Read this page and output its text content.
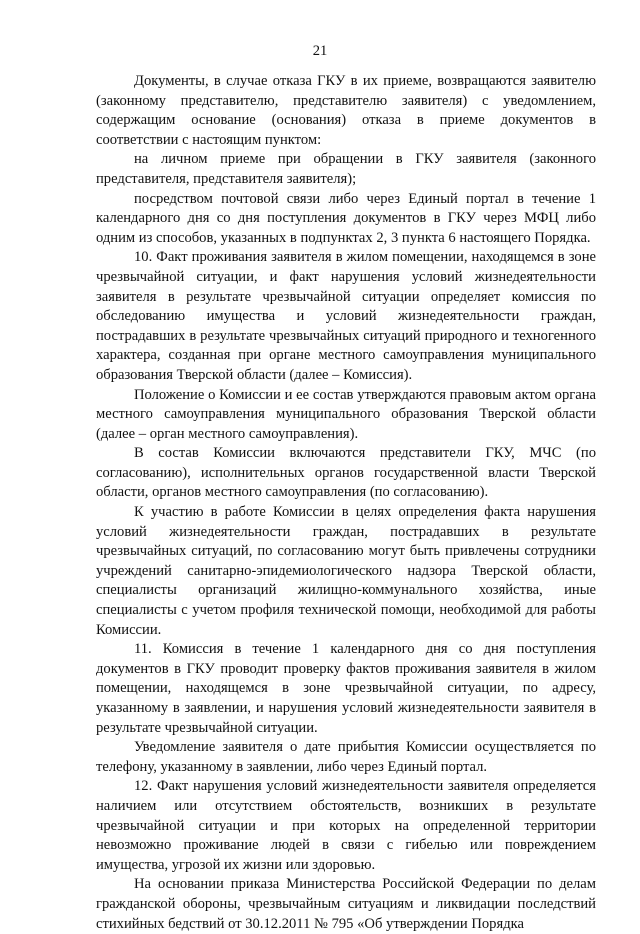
21

Документы, в случае отказа ГКУ в их приеме, возвращаются заявителю (законному представителю, представителю заявителя) с уведомлением, содержащим основание (основания) отказа в приеме документов в соответствии с настоящим пунктом:

на личном приеме при обращении в ГКУ заявителя (законного представителя, представителя заявителя);

посредством почтовой связи либо через Единый портал в течение 1 календарного дня со дня поступления документов в ГКУ через МФЦ либо одним из способов, указанных в подпунктах 2, 3 пункта 6 настоящего Порядка.

10. Факт проживания заявителя в жилом помещении, находящемся в зоне чрезвычайной ситуации, и факт нарушения условий жизнедеятельности заявителя в результате чрезвычайной ситуации определяет комиссия по обследованию имущества и условий жизнедеятельности граждан, пострадавших в результате чрезвычайных ситуаций природного и техногенного характера, созданная при органе местного самоуправления муниципального образования Тверской области (далее – Комиссия).

Положение о Комиссии и ее состав утверждаются правовым актом органа местного самоуправления муниципального образования Тверской области (далее – орган местного самоуправления).

В состав Комиссии включаются представители ГКУ, МЧС (по согласованию), исполнительных органов государственной власти Тверской области, органов местного самоуправления (по согласованию).

К участию в работе Комиссии в целях определения факта нарушения условий жизнедеятельности граждан, пострадавших в результате чрезвычайных ситуаций, по согласованию могут быть привлечены сотрудники учреждений санитарно-эпидемиологического надзора Тверской области, специалисты организаций жилищно-коммунального хозяйства, иные специалисты с учетом профиля технической помощи, необходимой для работы Комиссии.

11. Комиссия в течение 1 календарного дня со дня поступления документов в ГКУ проводит проверку фактов проживания заявителя в жилом помещении, находящемся в зоне чрезвычайной ситуации, по адресу, указанному в заявлении, и нарушения условий жизнедеятельности заявителя в результате чрезвычайной ситуации.

Уведомление заявителя о дате прибытия Комиссии осуществляется по телефону, указанному в заявлении, либо через Единый портал.

12. Факт нарушения условий жизнедеятельности заявителя определяется наличием или отсутствием обстоятельств, возникших в результате чрезвычайной ситуации и при которых на определенной территории невозможно проживание людей в связи с гибелью или повреждением имущества, угрозой их жизни или здоровью.

На основании приказа Министерства Российской Федерации по делам гражданской обороны, чрезвычайным ситуациям и ликвидации последствий стихийных бедствий от 30.12.2011 № 795 «Об утверждении Порядка
